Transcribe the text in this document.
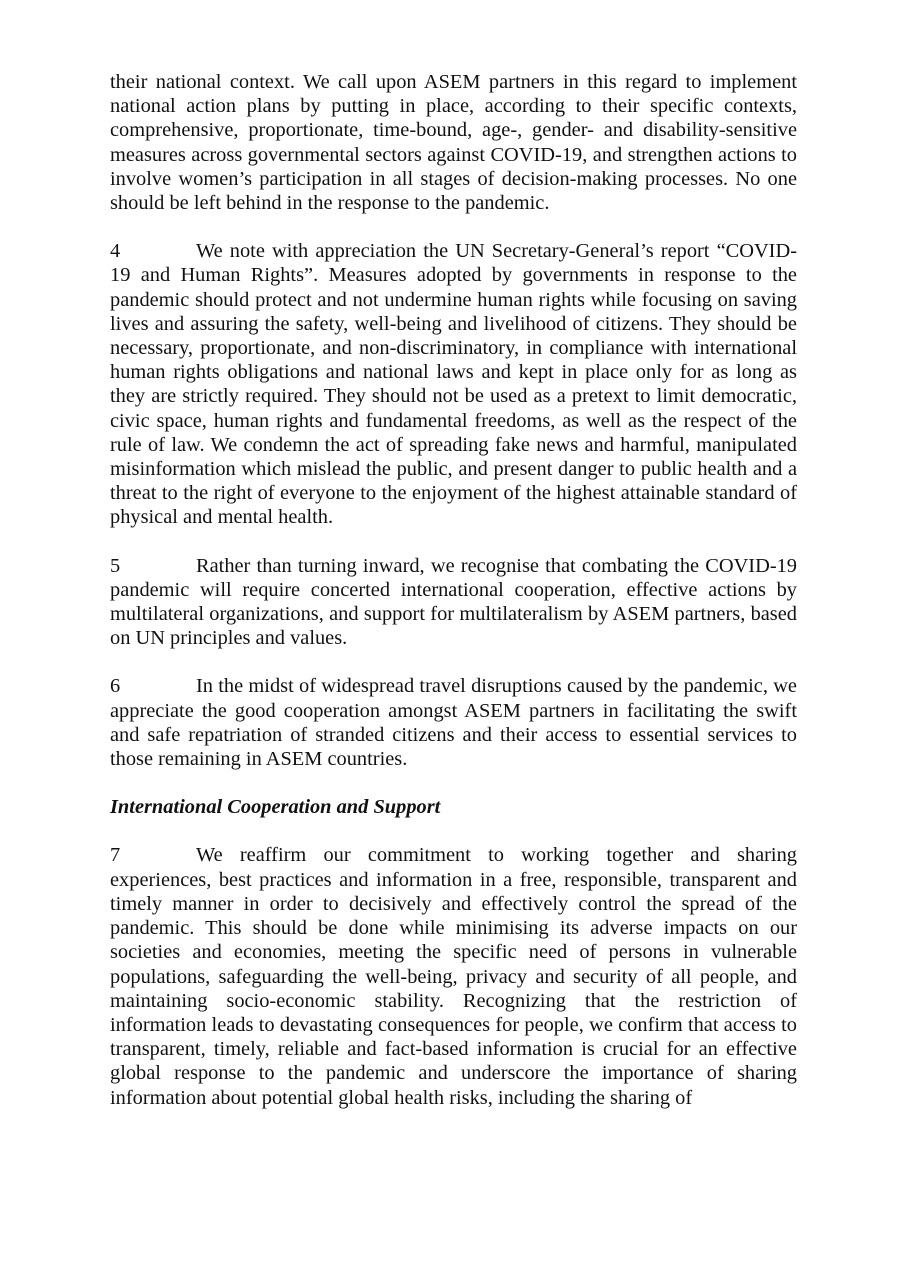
their national context. We call upon ASEM partners in this regard to implement national action plans by putting in place, according to their specific contexts, comprehensive, proportionate, time-bound, age-, gender- and disability-sensitive measures across governmental sectors against COVID-19, and strengthen actions to involve women’s participation in all stages of decision-making processes. No one should be left behind in the response to the pandemic.

4	We note with appreciation the UN Secretary-General’s report “COVID-19 and Human Rights”. Measures adopted by governments in response to the pandemic should protect and not undermine human rights while focusing on saving lives and assuring the safety, well-being and livelihood of citizens. They should be necessary, proportionate, and non-discriminatory, in compliance with international human rights obligations and national laws and kept in place only for as long as they are strictly required. They should not be used as a pretext to limit democratic, civic space, human rights and fundamental freedoms, as well as the respect of the rule of law. We condemn the act of spreading fake news and harmful, manipulated misinformation which mislead the public, and present danger to public health and a threat to the right of everyone to the enjoyment of the highest attainable standard of physical and mental health.

5	Rather than turning inward, we recognise that combating the COVID-19 pandemic will require concerted international cooperation, effective actions by multilateral organizations, and support for multilateralism by ASEM partners, based on UN principles and values.

6	In the midst of widespread travel disruptions caused by the pandemic, we appreciate the good cooperation amongst ASEM partners in facilitating the swift and safe repatriation of stranded citizens and their access to essential services to those remaining in ASEM countries.

International Cooperation and Support

7	We reaffirm our commitment to working together and sharing experiences, best practices and information in a free, responsible, transparent and timely manner in order to decisively and effectively control the spread of the pandemic. This should be done while minimising its adverse impacts on our societies and economies, meeting the specific need of persons in vulnerable populations, safeguarding the well-being, privacy and security of all people, and maintaining socio-economic stability. Recognizing that the restriction of information leads to devastating consequences for people, we confirm that access to transparent, timely, reliable and fact-based information is crucial for an effective global response to the pandemic and underscore the importance of sharing information about potential global health risks, including the sharing of
